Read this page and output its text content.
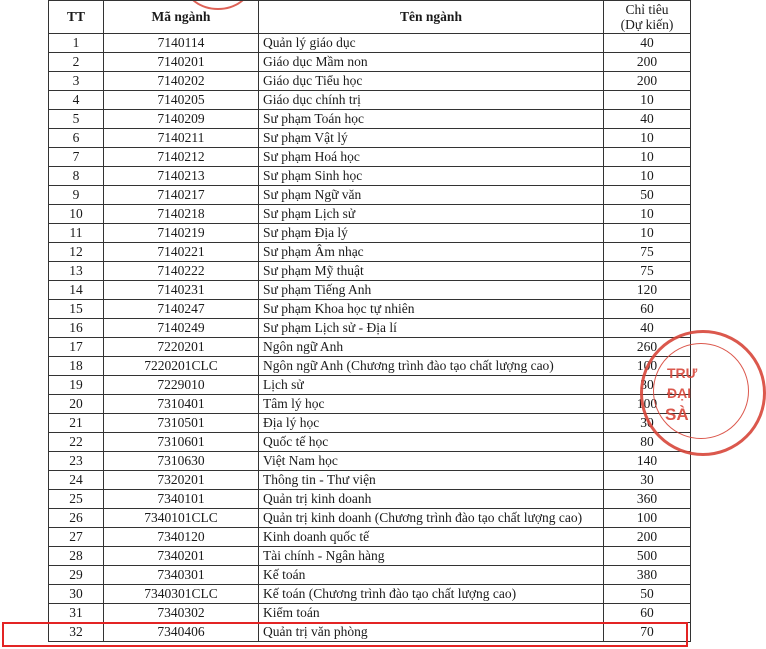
TT	Mã ngành	Tên ngành	Chỉ tiêu
(Dự kiến)
1	7140114	Quản lý giáo dục	40
2	7140201	Giáo dục Mầm non	200
3	7140202	Giáo dục Tiểu học	200
4	7140205	Giáo dục chính trị	10
5	7140209	Sư phạm Toán học	40
6	7140211	Sư phạm Vật lý	10
7	7140212	Sư phạm Hoá học	10
8	7140213	Sư phạm Sinh học	10
9	7140217	Sư phạm Ngữ văn	50
10	7140218	Sư phạm Lịch sử	10
11	7140219	Sư phạm Địa lý	10
12	7140221	Sư phạm Âm nhạc	75
13	7140222	Sư phạm Mỹ thuật	75
14	7140231	Sư phạm Tiếng Anh	120
15	7140247	Sư phạm Khoa học tự nhiên	60
16	7140249	Sư phạm Lịch sử - Địa lí	40
17	7220201	Ngôn ngữ Anh	260
18	7220201CLC	Ngôn ngữ Anh (Chương trình đào tạo chất lượng cao)	100
19	7229010	Lịch sử	30
20	7310401	Tâm lý học	100
21	7310501	Địa lý học	30
22	7310601	Quốc tế học	80
23	7310630	Việt Nam học	140
24	7320201	Thông tin - Thư viện	30
25	7340101	Quản trị kinh doanh	360
26	7340101CLC	Quản trị kinh doanh (Chương trình đào tạo chất lượng cao)	100
27	7340120	Kinh doanh quốc tế	200
28	7340201	Tài chính - Ngân hàng	500
29	7340301	Kế toán	380
30	7340301CLC	Kế toán (Chương trình đào tạo chất lượng cao)	50
31	7340302	Kiểm toán	60
32	7340406	Quản trị văn phòng	70
TRƯ
ĐẠI
SÀ
